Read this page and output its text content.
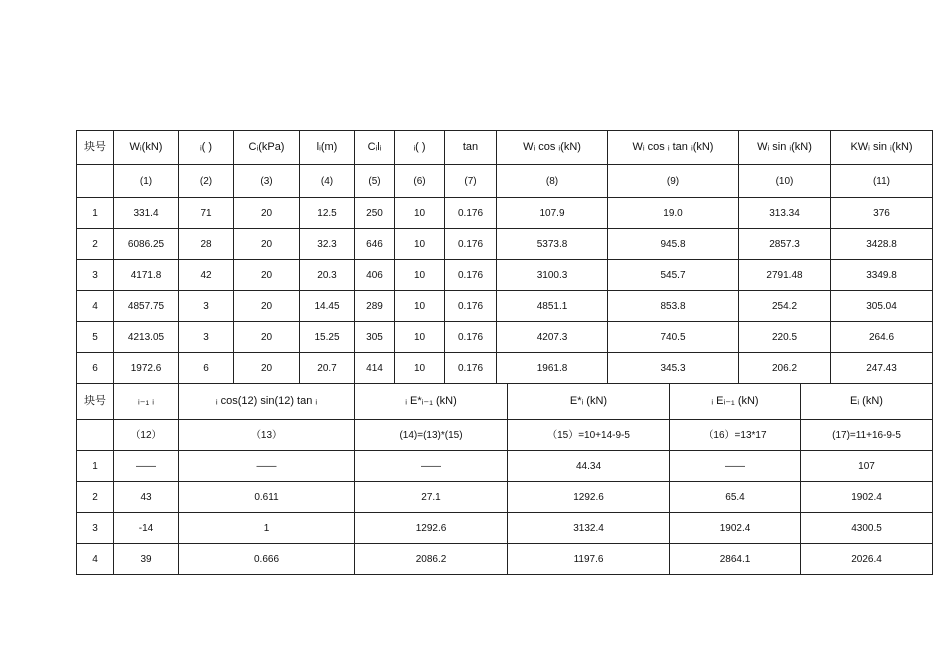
块号	Wᵢ(kN)	ᵢ( )	Cᵢ(kPa)	lᵢ(m)	Cᵢlᵢ	ᵢ( )	tan	Wᵢ cos ᵢ(kN)	Wᵢ cos ᵢ tan ᵢ(kN)	Wᵢ sin ᵢ(kN)	KWᵢ sin ᵢ(kN)
	(1)	(2)	(3)	(4)	(5)	(6)	(7)	(8)	(9)	(10)	(11)
1	331.4	71	20	12.5	250	10	0.176	107.9	19.0	313.34	376
2	6086.25	28	20	32.3	646	10	0.176	5373.8	945.8	2857.3	3428.8
3	4171.8	42	20	20.3	406	10	0.176	3100.3	545.7	2791.48	3349.8
4	4857.75	3	20	14.45	289	10	0.176	4851.1	853.8	254.2	305.04
5	4213.05	3	20	15.25	305	10	0.176	4207.3	740.5	220.5	264.6
6	1972.6	6	20	20.7	414	10	0.176	1961.8	345.3	206.2	247.43
块号	ᵢ₋₁ ᵢ	ᵢ cos(12) sin(12) tan ᵢ	ᵢ E*ᵢ₋₁ (kN)	E*ᵢ (kN)	ᵢ Eᵢ₋₁ (kN)	Eᵢ (kN)
	（12）	（13）	(14)=(13)*(15)	（15）=10+14-9-5	（16）=13*17	(17)=11+16-9-5
1	——	——	——	44.34	——	107
2	43	0.611	27.1	1292.6	65.4	1902.4
3	-14	1	1292.6	3132.4	1902.4	4300.5
4	39	0.666	2086.2	1197.6	2864.1	2026.4
